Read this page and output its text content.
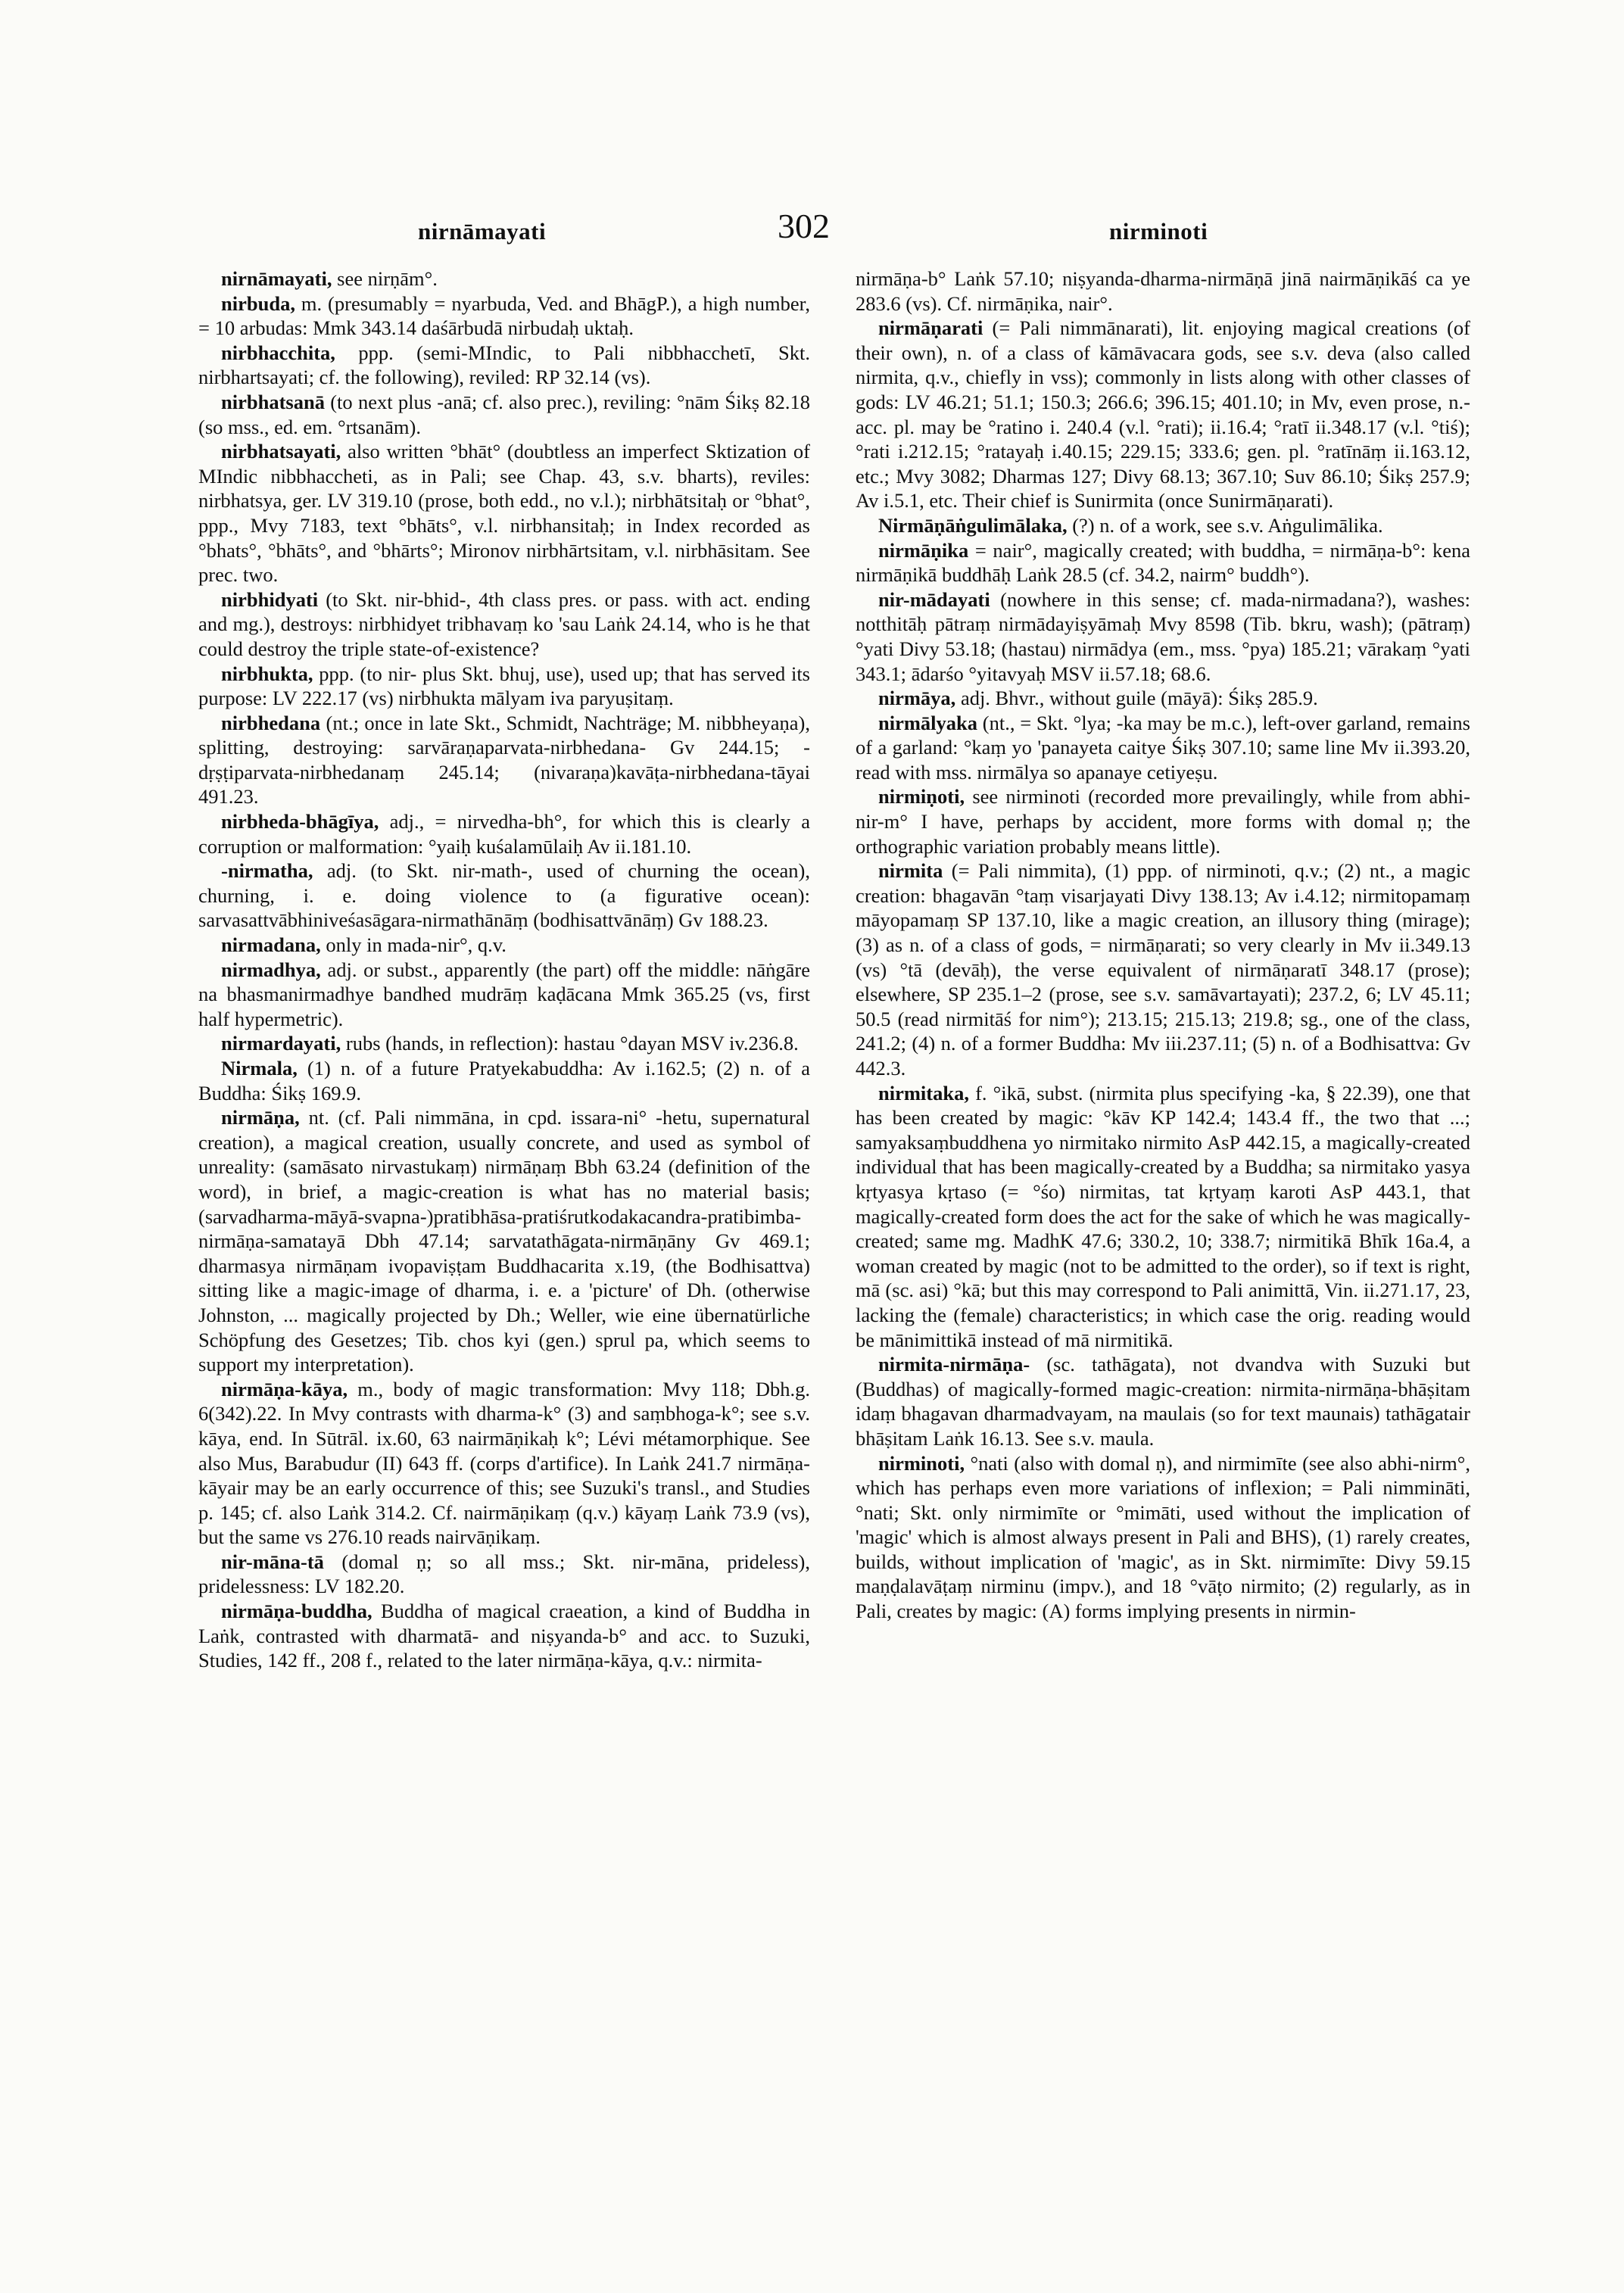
nirnāmayati	302	nirminoti

nirnāmayati, see nirṇām°.

nirbuda, m. (presumably = nyarbuda, Ved. and BhāgP.), a high number, = 10 arbudas: Mmk 343.14 daśārbudā nirbudaḥ uktaḥ.

nirbhacchita, ppp. (semi-MIndic, to Pali nibbhacchetī, Skt. nirbhartsayati; cf. the following), reviled: RP 32.14 (vs).

nirbhatsanā (to next plus -anā; cf. also prec.), reviling: °nām Śikṣ 82.18 (so mss., ed. em. °rtsanām).

nirbhatsayati, also written °bhāt° (doubtless an imperfect Sktization of MIndic nibbhaccheti, as in Pali; see Chap. 43, s.v. bharts), reviles: nirbhatsya, ger. LV 319.10 (prose, both edd., no v.l.); nirbhātsitaḥ or °bhat°, ppp., Mvy 7183, text °bhāts°, v.l. nirbhansitaḥ; in Index recorded as °bhats°, °bhāts°, and °bhārts°; Mironov nirbhārtsitam, v.l. nirbhāsitam. See prec. two.

nirbhidyati (to Skt. nir-bhid-, 4th class pres. or pass. with act. ending and mg.), destroys: nirbhidyet tribhavaṃ ko 'sau Laṅk 24.14, who is he that could destroy the triple state-of-existence?

nirbhukta, ppp. (to nir- plus Skt. bhuj, use), used up; that has served its purpose: LV 222.17 (vs) nirbhukta mālyam iva paryuṣitaṃ.

nirbhedana (nt.; once in late Skt., Schmidt, Nachträge; M. nibbheyaṇa), splitting, destroying: sarvāraṇaparvata-nirbhedana- Gv 244.15; -dṛṣṭiparvata-nirbhedanaṃ 245.14; (nivaraṇa)kavāṭa-nirbhedana-tāyai 491.23.

nirbheda-bhāgīya, adj., = nirvedha-bh°, for which this is clearly a corruption or malformation: °yaiḥ kuśalamūlaiḥ Av ii.181.10.

-nirmatha, adj. (to Skt. nir-math-, used of churning the ocean), churning, i. e. doing violence to (a figurative ocean): sarvasattvābhiniveśasāgara-nirmathānāṃ (bodhisattvānāṃ) Gv 188.23.

nirmadana, only in mada-nir°, q.v.

nirmadhya, adj. or subst., apparently (the part) off the middle: nāṅgāre na bhasmanirmadhye bandhed mudrāṃ kaḍācana Mmk 365.25 (vs, first half hypermetric).

nirmardayati, rubs (hands, in reflection): hastau °dayan MSV iv.236.8.

Nirmala, (1) n. of a future Pratyekabuddha: Av i.162.5; (2) n. of a Buddha: Śikṣ 169.9.

nirmāṇa, nt. (cf. Pali nimmāna, in cpd. issara-ni° -hetu, supernatural creation), a magical creation, usually concrete, and used as symbol of unreality: (samāsato nirvastukaṃ) nirmāṇaṃ Bbh 63.24 (definition of the word), in brief, a magic-creation is what has no material basis; (sarvadharma-māyā-svapna-)pratibhāsa-pratiśrutkodakacandra-pratibimba-nirmāṇa-samatayā Dbh 47.14; sarvatathāgata-nirmāṇāny Gv 469.1; dharmasya nirmāṇam ivopaviṣṭam Buddhacarita x.19, (the Bodhisattva) sitting like a magic-image of dharma, i. e. a 'picture' of Dh. (otherwise Johnston, ... magically projected by Dh.; Weller, wie eine übernatürliche Schöpfung des Gesetzes; Tib. chos kyi (gen.) sprul pa, which seems to support my interpretation).

nirmāṇa-kāya, m., body of magic transformation: Mvy 118; Dbh.g. 6(342).22. In Mvy contrasts with dharma-k° (3) and saṃbhoga-k°; see s.v. kāya, end. In Sūtrāl. ix.60, 63 nairmāṇikaḥ k°; Lévi métamorphique. See also Mus, Barabudur (II) 643 ff. (corps d'artifice). In Laṅk 241.7 nirmāṇa-kāyair may be an early occurrence of this; see Suzuki's transl., and Studies p. 145; cf. also Laṅk 314.2. Cf. nairmāṇikaṃ (q.v.) kāyaṃ Laṅk 73.9 (vs), but the same vs 276.10 reads nairvāṇikaṃ.

nir-māna-tā (domal ṇ; so all mss.; Skt. nir-māna, prideless), pridelessness: LV 182.20.

nirmāṇa-buddha, Buddha of magical craeation, a kind of Buddha in Laṅk, contrasted with dharmatā- and niṣyanda-b° and acc. to Suzuki, Studies, 142 ff., 208 f., related to the later nirmāṇa-kāya, q.v.: nirmita-

nirmāṇa-b° Laṅk 57.10; niṣyanda-dharma-nirmāṇā jinā nairmāṇikāś ca ye 283.6 (vs). Cf. nirmāṇika, nair°.

nirmāṇarati (= Pali nimmānarati), lit. enjoying magical creations (of their own), n. of a class of kāmāvacara gods, see s.v. deva (also called nirmita, q.v., chiefly in vss); commonly in lists along with other classes of gods: LV 46.21; 51.1; 150.3; 266.6; 396.15; 401.10; in Mv, even prose, n.-acc. pl. may be °ratino i. 240.4 (v.l. °rati); ii.16.4; °ratī ii.348.17 (v.l. °tiś); °rati i.212.15; °ratayaḥ i.40.15; 229.15; 333.6; gen. pl. °ratīnāṃ ii.163.12, etc.; Mvy 3082; Dharmas 127; Divy 68.13; 367.10; Suv 86.10; Śikṣ 257.9; Av i.5.1, etc. Their chief is Sunirmita (once Sunirmāṇarati).

Nirmāṇāṅgulimālaka, (?) n. of a work, see s.v. Aṅgulimālika.

nirmāṇika = nair°, magically created; with buddha, = nirmāṇa-b°: kena nirmāṇikā buddhāḥ Laṅk 28.5 (cf. 34.2, nairm° buddh°).

nir-mādayati (nowhere in this sense; cf. mada-nirmadana?), washes: notthitāḥ pātraṃ nirmādayiṣyāmaḥ Mvy 8598 (Tib. bkru, wash); (pātraṃ) °yati Divy 53.18; (hastau) nirmādya (em., mss. °pya) 185.21; vārakaṃ °yati 343.1; ādarśo °yitavyaḥ MSV ii.57.18; 68.6.

nirmāya, adj. Bhvr., without guile (māyā): Śikṣ 285.9.

nirmālyaka (nt., = Skt. °lya; -ka may be m.c.), left-over garland, remains of a garland: °kaṃ yo 'panayeta caitye Śikṣ 307.10; same line Mv ii.393.20, read with mss. nirmālya so apanaye cetiyeṣu.

nirmiṇoti, see nirminoti (recorded more prevailingly, while from abhi-nir-m° I have, perhaps by accident, more forms with domal ṇ; the orthographic variation probably means little).

nirmita (= Pali nimmita), (1) ppp. of nirminoti, q.v.; (2) nt., a magic creation: bhagavān °taṃ visarjayati Divy 138.13; Av i.4.12; nirmitopamaṃ māyopamaṃ SP 137.10, like a magic creation, an illusory thing (mirage); (3) as n. of a class of gods, = nirmāṇarati; so very clearly in Mv ii.349.13 (vs) °tā (devāḥ), the verse equivalent of nirmāṇaratī 348.17 (prose); elsewhere, SP 235.1–2 (prose, see s.v. samāvartayati); 237.2, 6; LV 45.11; 50.5 (read nirmitāś for nim°); 213.15; 215.13; 219.8; sg., one of the class, 241.2; (4) n. of a former Buddha: Mv iii.237.11; (5) n. of a Bodhisattva: Gv 442.3.

nirmitaka, f. °ikā, subst. (nirmita plus specifying -ka, § 22.39), one that has been created by magic: °kāv KP 142.4; 143.4 ff., the two that ...; samyaksaṃbuddhena yo nirmitako nirmito AsP 442.15, a magically-created individual that has been magically-created by a Buddha; sa nirmitako yasya kṛtyasya kṛtaso (= °śo) nirmitas, tat kṛtyaṃ karoti AsP 443.1, that magically-created form does the act for the sake of which he was magically-created; same mg. MadhK 47.6; 330.2, 10; 338.7; nirmitikā Bhīk 16a.4, a woman created by magic (not to be admitted to the order), so if text is right, mā (sc. asi) °kā; but this may correspond to Pali animittā, Vin. ii.271.17, 23, lacking the (female) characteristics; in which case the orig. reading would be mānimittikā instead of mā nirmitikā.

nirmita-nirmāṇa- (sc. tathāgata), not dvandva with Suzuki but (Buddhas) of magically-formed magic-creation: nirmita-nirmāṇa-bhāṣitam idaṃ bhagavan dharmadvayam, na maulais (so for text maunais) tathāgatair bhāṣitam Laṅk 16.13. See s.v. maula.

nirminoti, °nati (also with domal ṇ), and nirmimīte (see also abhi-nirm°, which has perhaps even more variations of inflexion; = Pali nimmināti, °nati; Skt. only nirmimīte or °mimāti, used without the implication of 'magic' which is almost always present in Pali and BHS), (1) rarely creates, builds, without implication of 'magic', as in Skt. nirmimīte: Divy 59.15 maṇḍalavāṭaṃ nirminu (impv.), and 18 °vāṭo nirmito; (2) regularly, as in Pali, creates by magic: (A) forms implying presents in nirmin-
